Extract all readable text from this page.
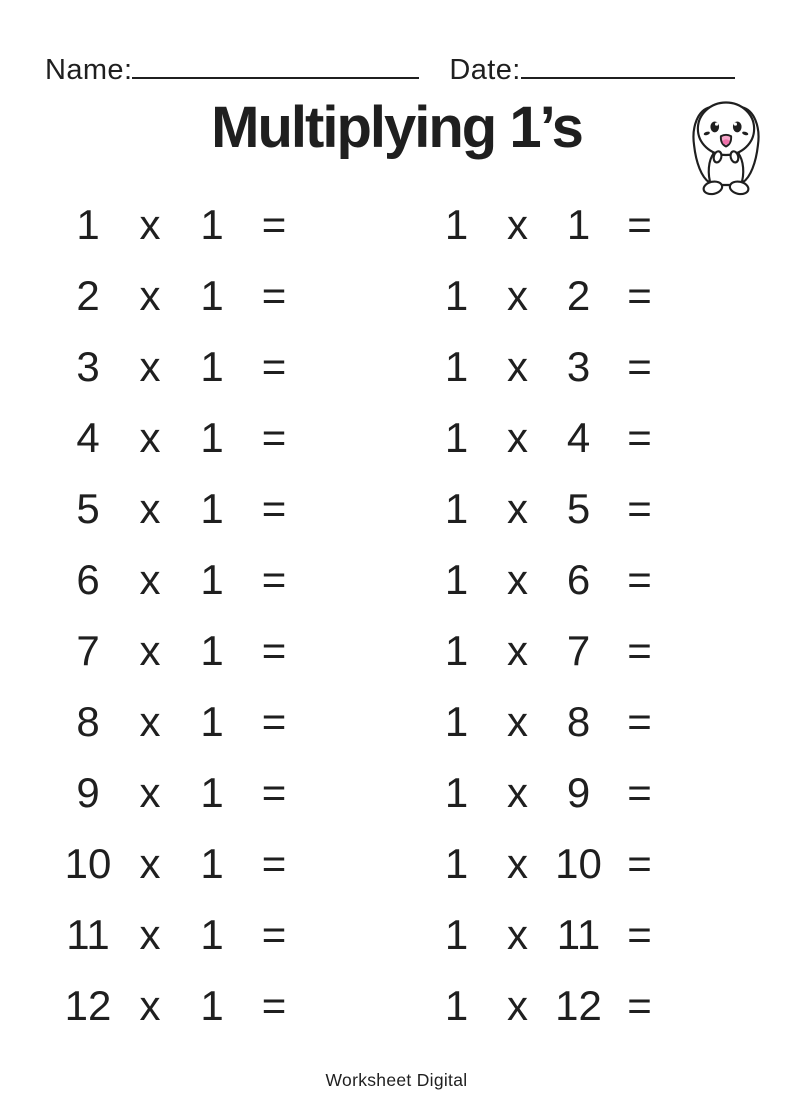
Name:	Date:
Multiplying 1’s
1 x 1 =
2 x 1 =
3 x 1 =
4 x 1 =
5 x 1 =
6 x 1 =
7 x 1 =
8 x 1 =
9 x 1 =
10 x 1 =
11 x 1 =
12 x 1 =
1 x 1 =
1 x 2 =
1 x 3 =
1 x 4 =
1 x 5 =
1 x 6 =
1 x 7 =
1 x 8 =
1 x 9 =
1 x 10 =
1 x 11 =
1 x 12 =
Worksheet Digital
